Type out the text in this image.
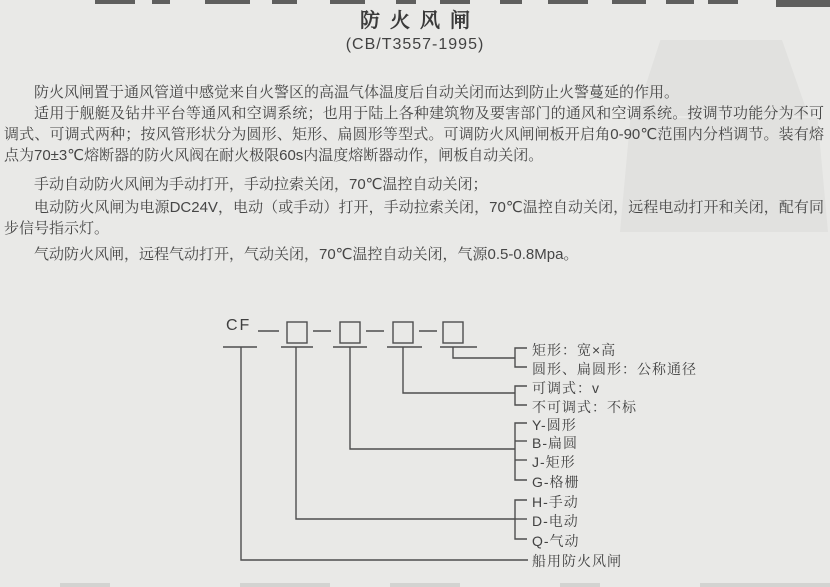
防火风闸
(CB/T3557-1995)

防火风闸置于通风管道中感觉来自火警区的高温气体温度后自动关闭而达到防止火警蔓延的作用。

适用于舰艇及钻井平台等通风和空调系统；也用于陆上各种建筑物及要害部门的通风和空调系统。按调节功能分为不可调式、可调式两种；按风管形状分为圆形、矩形、扁圆形等型式。可调防火风闸闸板开启角0-90℃范围内分档调节。装有熔点为70±3℃熔断器的防火风阀在耐火极限60s内温度熔断器动作，闸板自动关闭。

手动自动防火风闸为手动打开，手动拉索关闭，70℃温控自动关闭；

电动防火风闸为电源DC24V，电动（或手动）打开，手动拉索关闭，70℃温控自动关闭，远程电动打开和关闭，配有同步信号指示灯。

气动防火风闸，远程气动打开，气动关闭，70℃温控自动关闭，气源0.5-0.8Mpa。

CF
矩形：宽×高
圆形、扁圆形：公称通径
可调式：v
不可调式：不标
Y-圆形
B-扁圆
J-矩形
G-格栅
H-手动
D-电动
Q-气动
船用防火风闸
